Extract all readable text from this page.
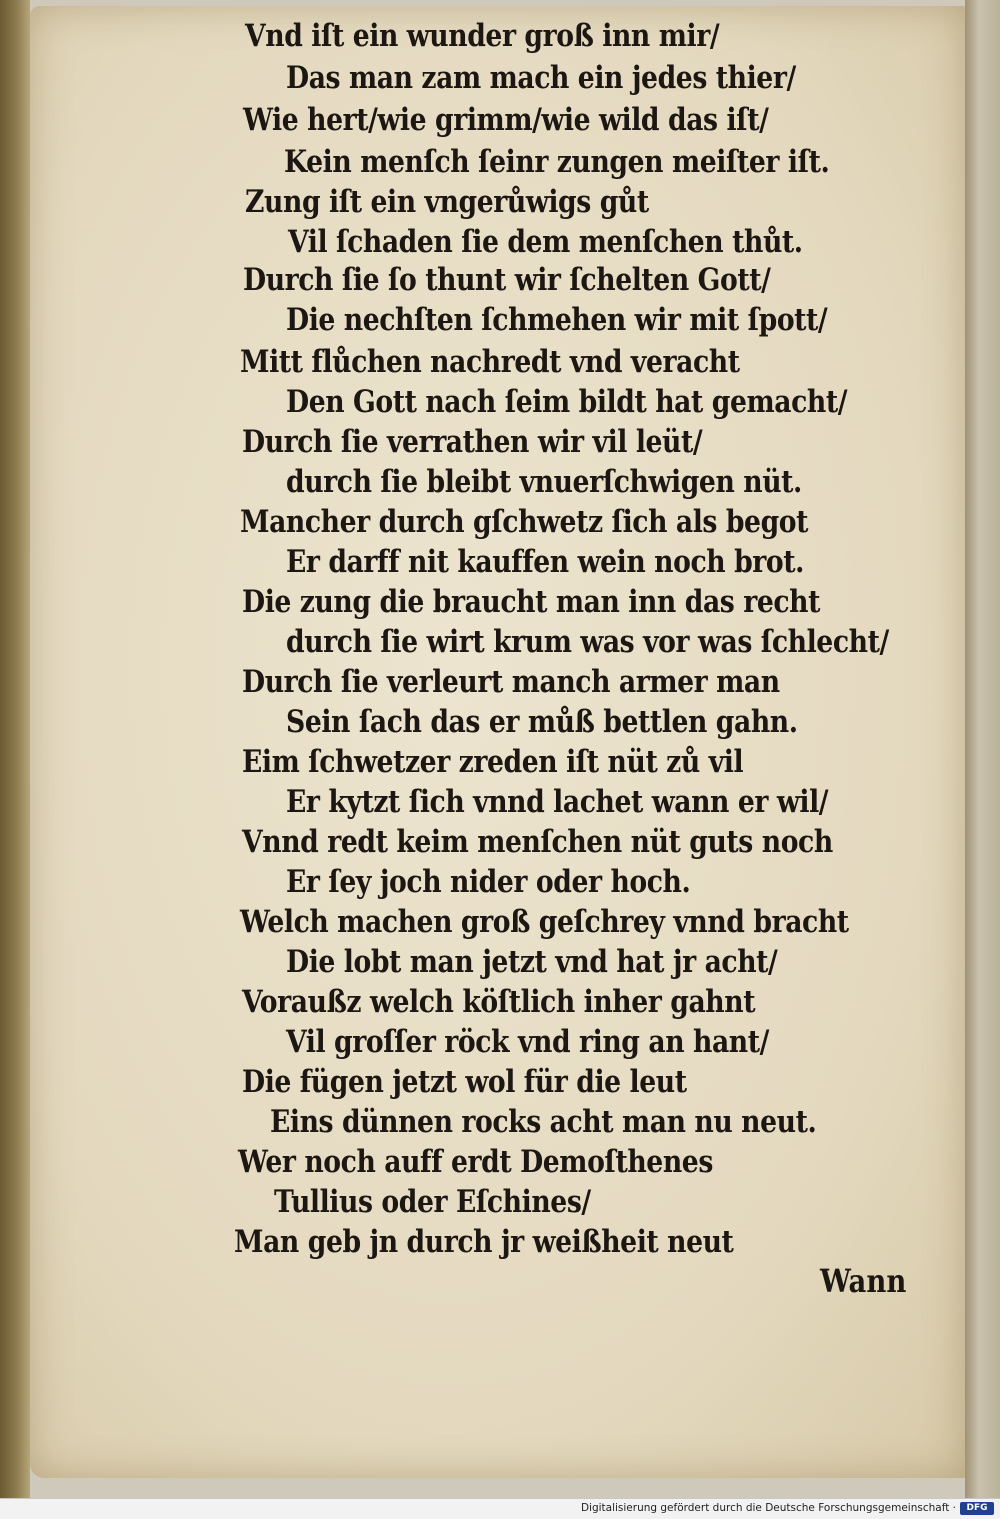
Vnd iſt ein wunder groß inn mir/
Das man zam mach ein jedes thier/
Wie hert/wie grimm/wie wild das iſt/
Kein menſch ſeinr zungen meiſter iſt.
Zung iſt ein vngerůwigs gůt
Vil ſchaden ſie dem menſchen thůt.
Durch ſie ſo thunt wir ſchelten Gott/
Die nechſten ſchmehen wir mit ſpott/
Mitt flůchen nachredt vnd veracht
Den Gott nach ſeim bildt hat gemacht/
Durch ſie verrathen wir vil leüt/
durch ſie bleibt vnuerſchwigen nüt.
Mancher durch gſchwetz ſich als begot
Er darff nit kauffen wein noch brot.
Die zung die braucht man inn das recht
durch ſie wirt krum was vor was ſchlecht/
Durch ſie verleurt manch armer man
Sein ſach das er můß bettlen gahn.
Eim ſchwetzer zreden iſt nüt zů vil
Er kytzt ſich vnnd lachet wann er wil/
Vnnd redt keim menſchen nüt guts noch
Er ſey joch nider oder hoch.
Welch machen groß geſchrey vnnd bracht
Die lobt man jetzt vnd hat jr acht/
Voraußz welch köſtlich inher gahnt
Vil groſſer röck vnd ring an hant/
Die fügen jetzt wol für die leut
Eins dünnen rocks acht man nu neut.
Wer noch auff erdt Demoſthenes
Tullius oder Eſchines/
Man geb jn durch jr weißheit neut
Wann
Digitalisierung gefördert durch die Deutsche Forschungsgemeinschaft ·	DFG
